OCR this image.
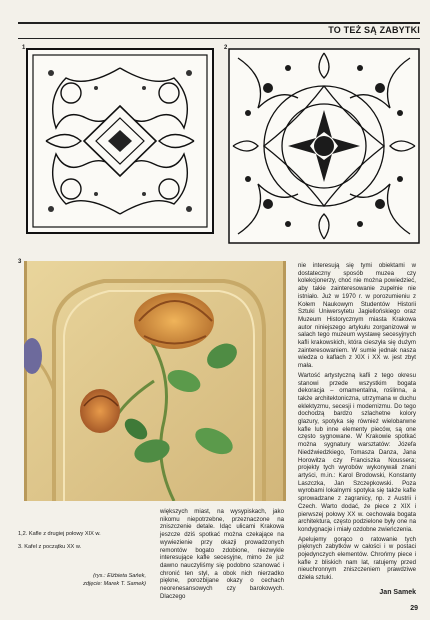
TO TEŻ SĄ ZABYTKI
1	2
3	nie interesują się tymi obiektami w dostateczny sposób muzea czy kolekcjonerzy, choć nie można powiedzieć, aby takie zainteresowanie zupełnie nie istniało. Już w 1970 r. w porozumieniu z Kołem Naukowym Studentów Historii Sztuki Uniwersytetu Jagiellońskiego oraz Muzeum Historycznym miasta Krakowa autor niniejszego artykułu zorganizował w salach tego muzeum wystawę secesyjnych kafli krakowskich, która cieszyła się dużym zainteresowaniem. W sumie jednak nasza wiedza o kaflach z XIX i XX w. jest zbyt mała.

Wartość artystyczną kafli z tego okresu stanowi przede wszystkim bogata dekoracja – ornamentalna, roślinna, a także architektoniczna, utrzymana w duchu eklektyzmu, secesji i modernizmu. Do tego dochodzą bardzo szlachetne kolory glazury, spotyka się również wielobarwne kafle lub inne elementy pieców, są one często sygnowane. W Krakowie spotkać można sygnatury warsztatów: Józefa Niedźwiedzkiego, Tomasza Danza, Jana Horowitza czy Franciszka Noussera; projekty tych wyrobów wykonywali znani artyści, m.in.: Karol Brodowski, Konstanty Laszczka, Jan Szczepkowski. Poza wyrobami lokalnymi spotyka się także kafle sprowadzane z zagranicy, np. z Austrii i Czech. Warto dodać, że piece z XIX i pierwszej połowy XX w. cechowała bogata architektura, często podzielone były one na kondygnacje i miały ozdobne zwieńczenia.

Apelujemy gorąco o ratowanie tych pięknych zabytków w całości i w postaci pojedynczych elementów. Chrońmy piece i kafle z bliskich nam lat, ratujemy przed nieuchronnym zniszczeniem prawdziwe dzieła sztuki.

większych miast, na wysypiskach, jako nikomu niepotrzebne, przeznaczone na zniszczenie detale. Idąc ulicami Krakowa jeszcze dziś spotkać można czekające na wywiezienie przy okazji prowadzonych remontów bogato zdobione, niezwykle interesujące kafle secesyjne, mimo że już dawno nauczyliśmy się podobno szanować i chronić ten styl, a obok nich nierzadko piękne, porozbijane okazy o cechach neorenesansowych czy barokowych. Dlaczego

1,2. Kafle z drugiej połowy XIX w.
3. Kafel z początku XX w.
(rys.: Elżbieta Sańek,
zdjęcie: Marek T. Samek)
Jan Samek
29
